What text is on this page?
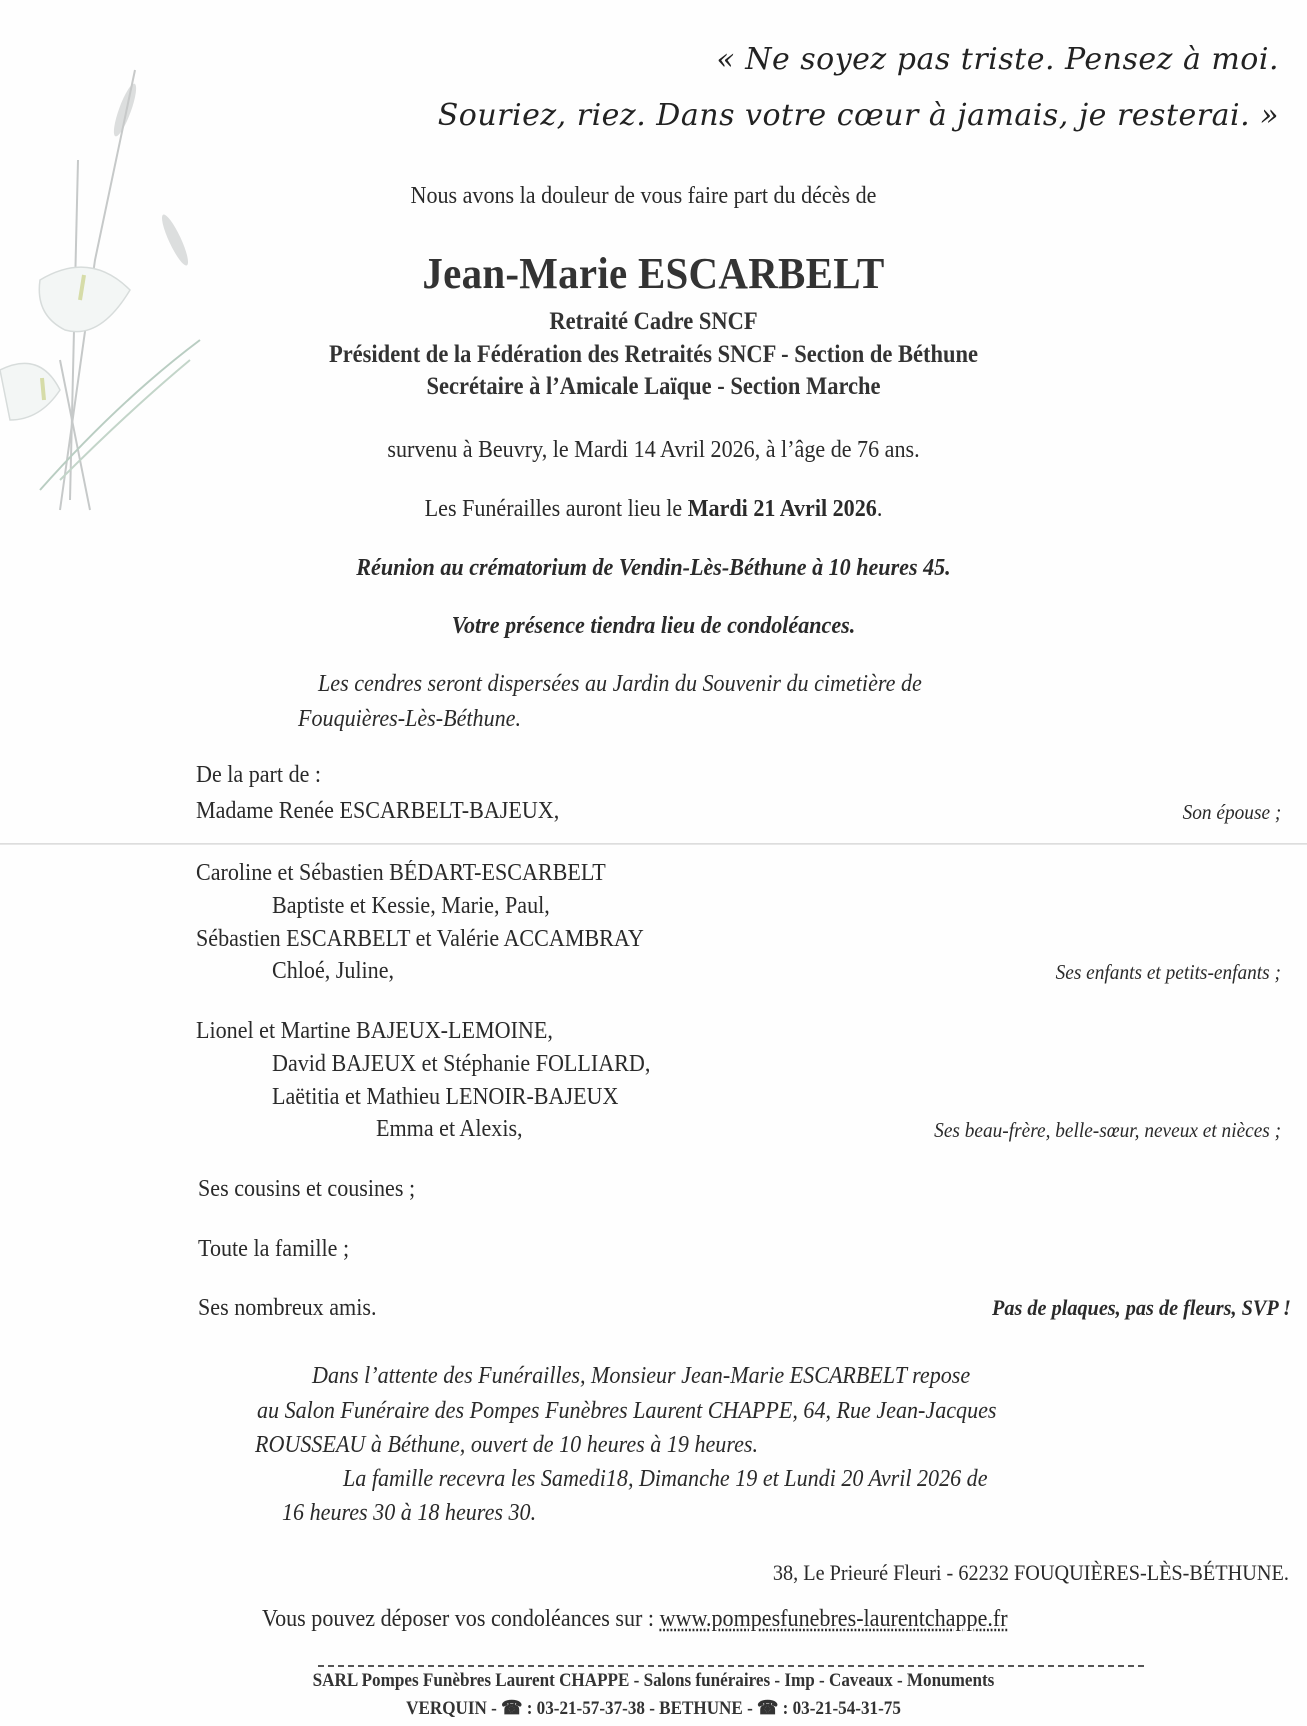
« Ne soyez pas triste. Pensez à moi.
Souriez, riez. Dans votre cœur à jamais, je resterai. »
Nous avons la douleur de vous faire part du décès de
Jean-Marie ESCARBELT
Retraité Cadre SNCF
Président de la Fédération des Retraités SNCF - Section de Béthune
Secrétaire à l’Amicale Laïque - Section Marche
survenu à Beuvry, le Mardi 14 Avril 2026, à l’âge de 76 ans.
Les Funérailles auront lieu le Mardi 21 Avril 2026.
Réunion au crématorium de Vendin-Lès-Béthune à 10 heures 45.
Votre présence tiendra lieu de condoléances.
Les cendres seront dispersées au Jardin du Souvenir du cimetière de
Fouquières-Lès-Béthune.
De la part de :
Madame Renée ESCARBELT-BAJEUX,	Son épouse ;
Caroline et Sébastien BÉDART-ESCARBELT
Baptiste et Kessie, Marie, Paul,
Sébastien ESCARBELT et Valérie ACCAMBRAY
Chloé, Juline,	Ses enfants et petits-enfants ;
Lionel et Martine BAJEUX-LEMOINE,
David BAJEUX et Stéphanie FOLLIARD,
Laëtitia et Mathieu LENOIR-BAJEUX
Emma et Alexis,	Ses beau-frère, belle-sœur, neveux et nièces ;
Ses cousins et cousines ;
Toute la famille ;
Ses nombreux amis.	Pas de plaques, pas de fleurs, SVP !
Dans l’attente des Funérailles, Monsieur Jean-Marie ESCARBELT repose
au Salon Funéraire des Pompes Funèbres Laurent CHAPPE, 64, Rue Jean-Jacques
ROUSSEAU à Béthune, ouvert de 10 heures à 19 heures.
La famille recevra les Samedi18, Dimanche 19 et Lundi 20 Avril 2026 de
16 heures 30 à 18 heures 30.
38, Le Prieuré Fleuri - 62232 FOUQUIÈRES-LÈS-BÉTHUNE.
Vous pouvez déposer vos condoléances sur : www.pompesfunebres-laurentchappe.fr
SARL Pompes Funèbres Laurent CHAPPE - Salons funéraires - Imp - Caveaux - Monuments
VERQUIN - ☎ : 03-21-57-37-38 - BETHUNE - ☎ : 03-21-54-31-75
